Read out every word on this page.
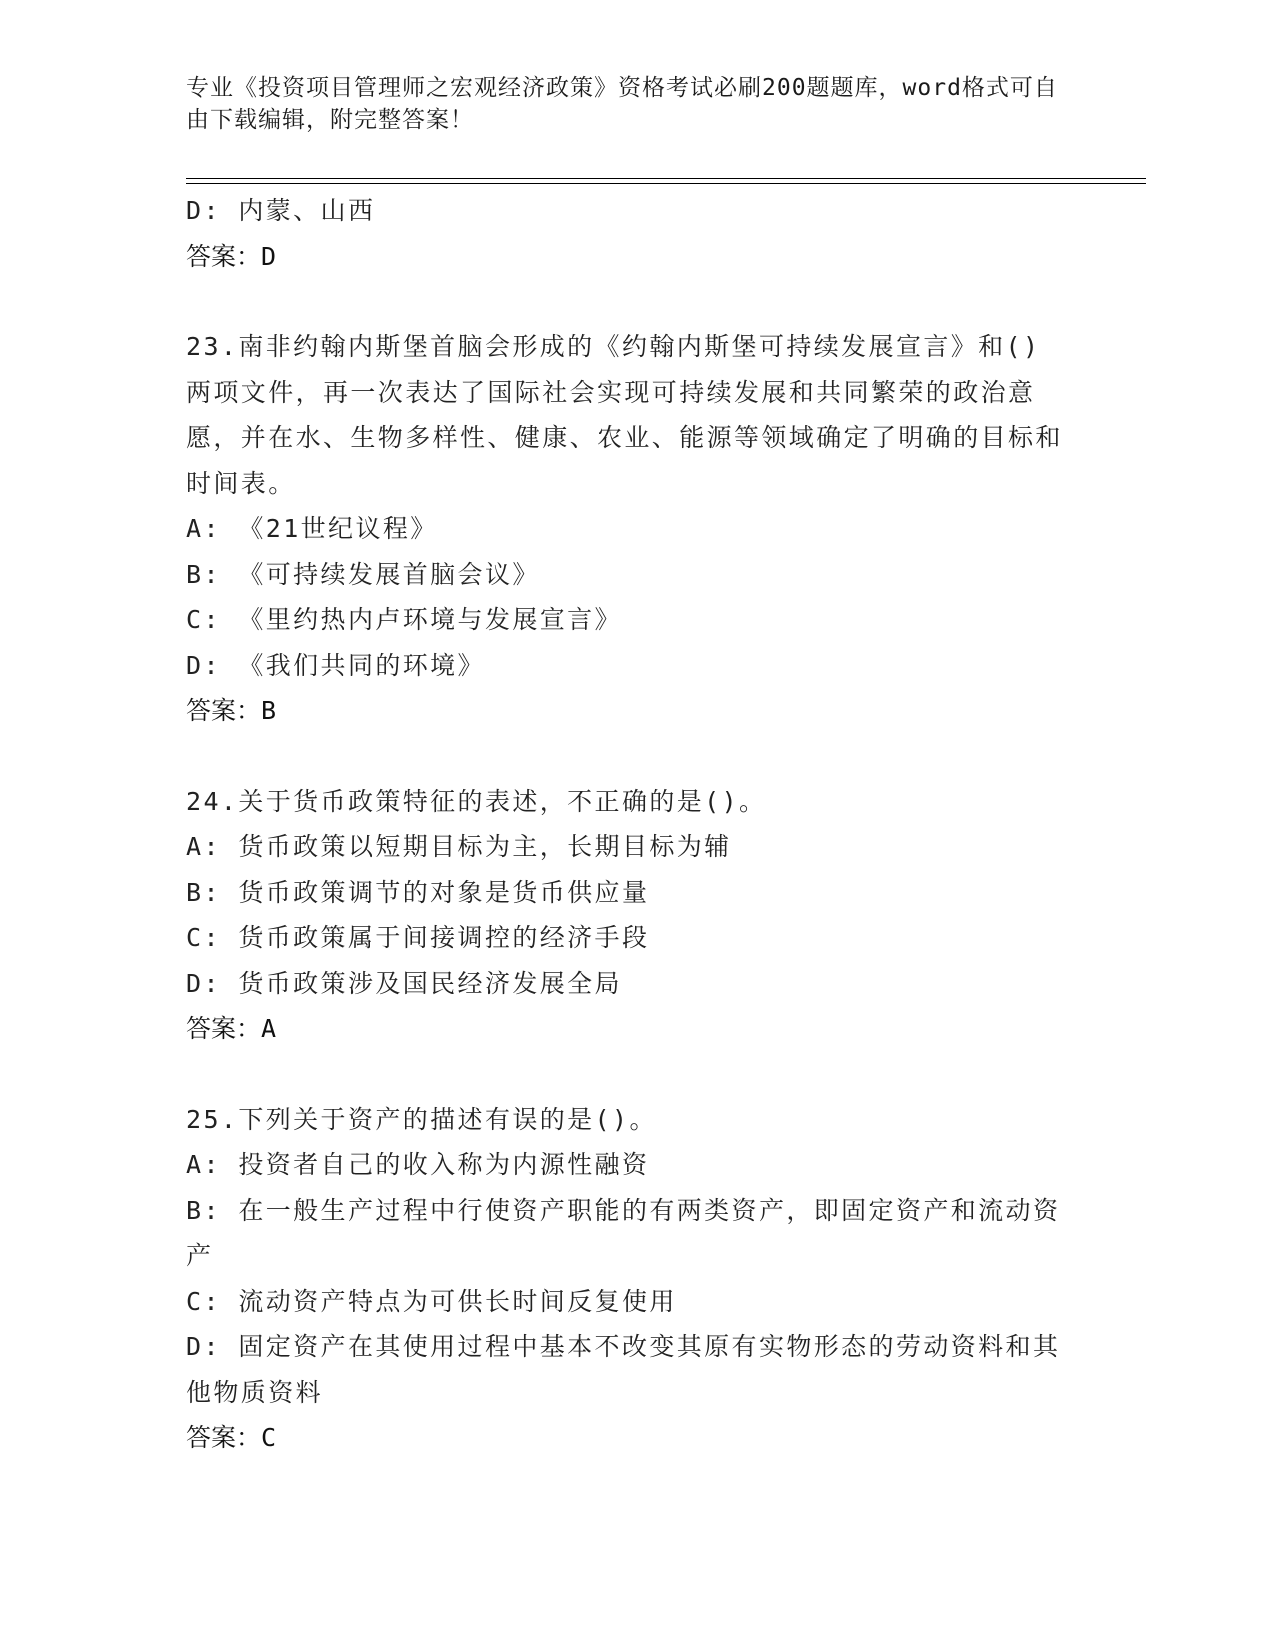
专业《投资项目管理师之宏观经济政策》资格考试必刷200题题库，word格式可自由下载编辑，附完整答案！

D: 内蒙、山西

答案：D

23.南非约翰内斯堡首脑会形成的《约翰内斯堡可持续发展宣言》和()两项文件，再一次表达了国际社会实现可持续发展和共同繁荣的政治意愿，并在水、生物多样性、健康、农业、能源等领域确定了明确的目标和时间表。

A: 《21世纪议程》

B: 《可持续发展首脑会议》

C: 《里约热内卢环境与发展宣言》

D: 《我们共同的环境》

答案：B

24.关于货币政策特征的表述，不正确的是()。

A: 货币政策以短期目标为主，长期目标为辅

B: 货币政策调节的对象是货币供应量

C: 货币政策属于间接调控的经济手段

D: 货币政策涉及国民经济发展全局

答案：A

25.下列关于资产的描述有误的是()。

A: 投资者自己的收入称为内源性融资

B: 在一般生产过程中行使资产职能的有两类资产，即固定资产和流动资产

C: 流动资产特点为可供长时间反复使用

D: 固定资产在其使用过程中基本不改变其原有实物形态的劳动资料和其他物质资料

答案：C
